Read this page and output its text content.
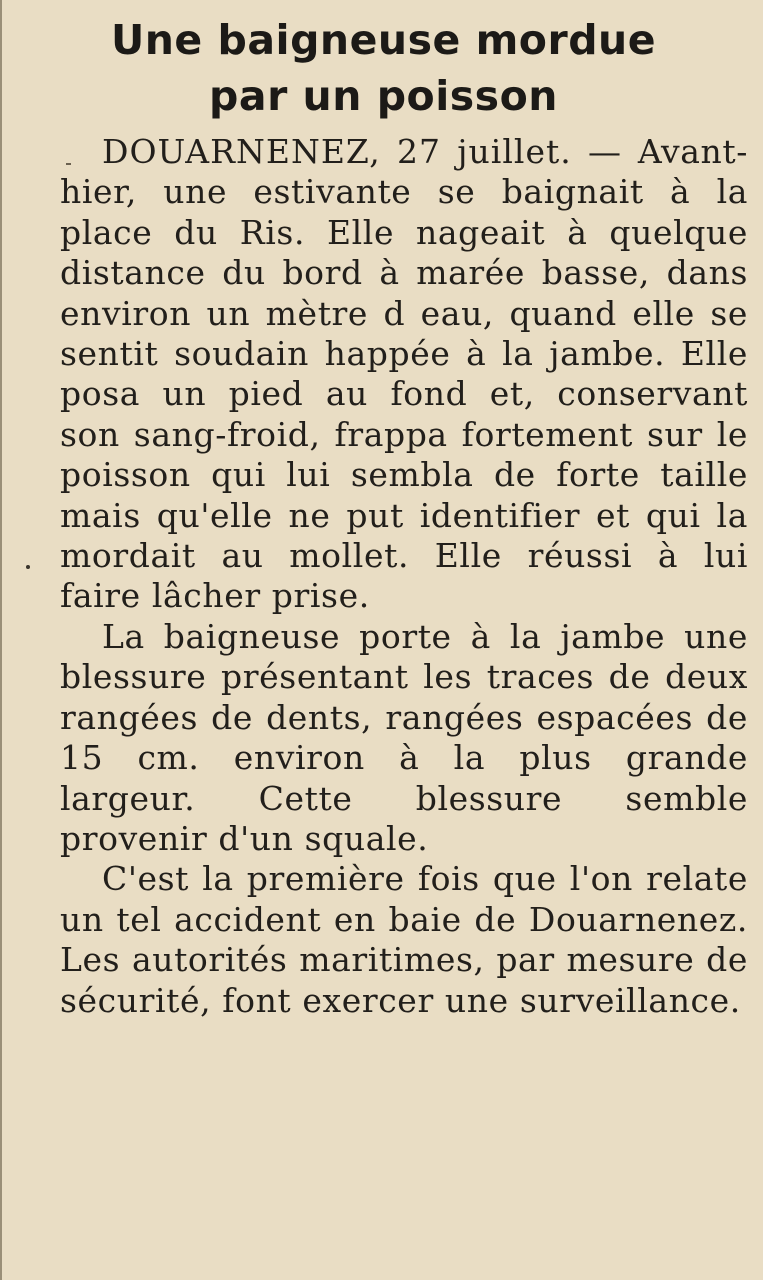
Une baigneuse mordue
par un poisson

DOUARNENEZ, 27 juillet. — Avant-hier, une estivante se baignait à la place du Ris. Elle nageait à quelque distance du bord à marée basse, dans environ un mètre d eau, quand elle se sentit soudain happée à la jambe. Elle posa un pied au fond et, conservant son sang-froid, frappa fortement sur le poisson qui lui sembla de forte taille mais qu'elle ne put identifier et qui la mordait au mollet. Elle réussi à lui faire lâcher prise.

La baigneuse porte à la jambe une blessure présentant les traces de deux rangées de dents, rangées espacées de 15 cm. environ à la plus grande largeur. Cette blessure semble provenir d'un squale.

C'est la première fois que l'on relate un tel accident en baie de Douarnenez. Les autorités maritimes, par mesure de sécurité, font exercer une surveillance.
